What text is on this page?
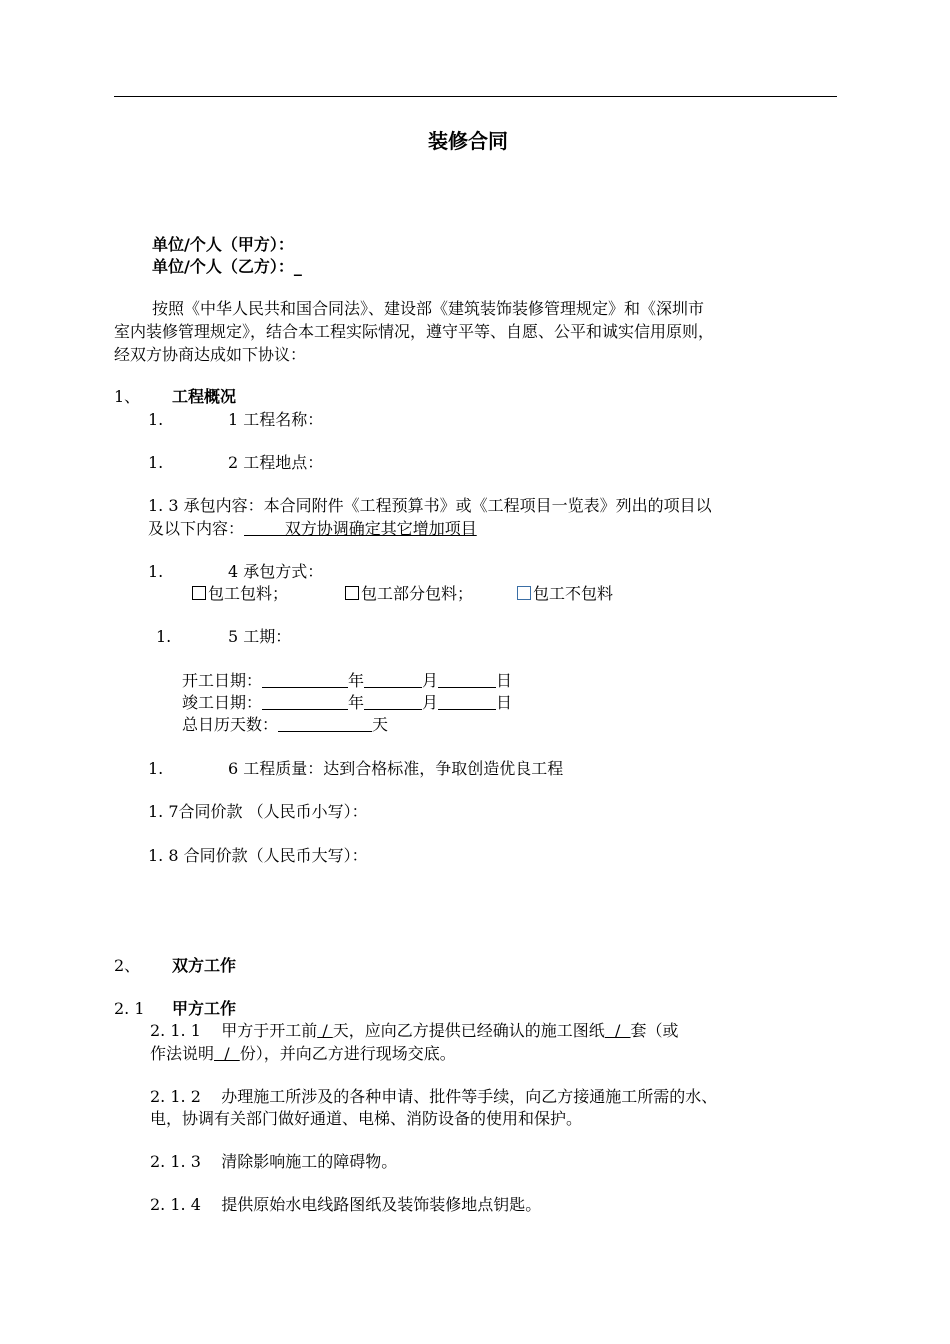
装修合同
单位/个人（甲方）：
单位/个人（乙方）：_
按照《中华人民共和国合同法》、建设部《建筑装饰装修管理规定》和《深圳市
室内装修管理规定》，结合本工程实际情况，遵守平等、自愿、公平和诚实信用原则，
经双方协商达成如下协议：
1、 工程概况
1.	1 工程名称：
1.	2 工程地点：
1. 3 承包内容：本合同附件《工程预算书》或《工程项目一览表》列出的项目以
及以下内容：        双方协调确定其它增加项目
1.	4 承包方式：
包工包料；	包工部分包料；	包工不包料
1.	5 工期：
开工日期：	年	月	日
竣工日期：	年	月	日
总日历天数：	天
1.	6 工程质量：达到合格标准，争取创造优良工程
1. 7合同价款 （人民币小写）：
1. 8 合同价款（人民币大写）：
2、 双方工作
2. 1 甲方工作
2. 1. 1    甲方于开工前 / 天，应向乙方提供已经确认的施工图纸  /  套（或
作法说明  /  份），并向乙方进行现场交底。
2. 1. 2    办理施工所涉及的各种申请、批件等手续，向乙方接通施工所需的水、
电，协调有关部门做好通道、电梯、消防设备的使用和保护。
2. 1. 3    清除影响施工的障碍物。
2. 1. 4    提供原始水电线路图纸及装饰装修地点钥匙。
